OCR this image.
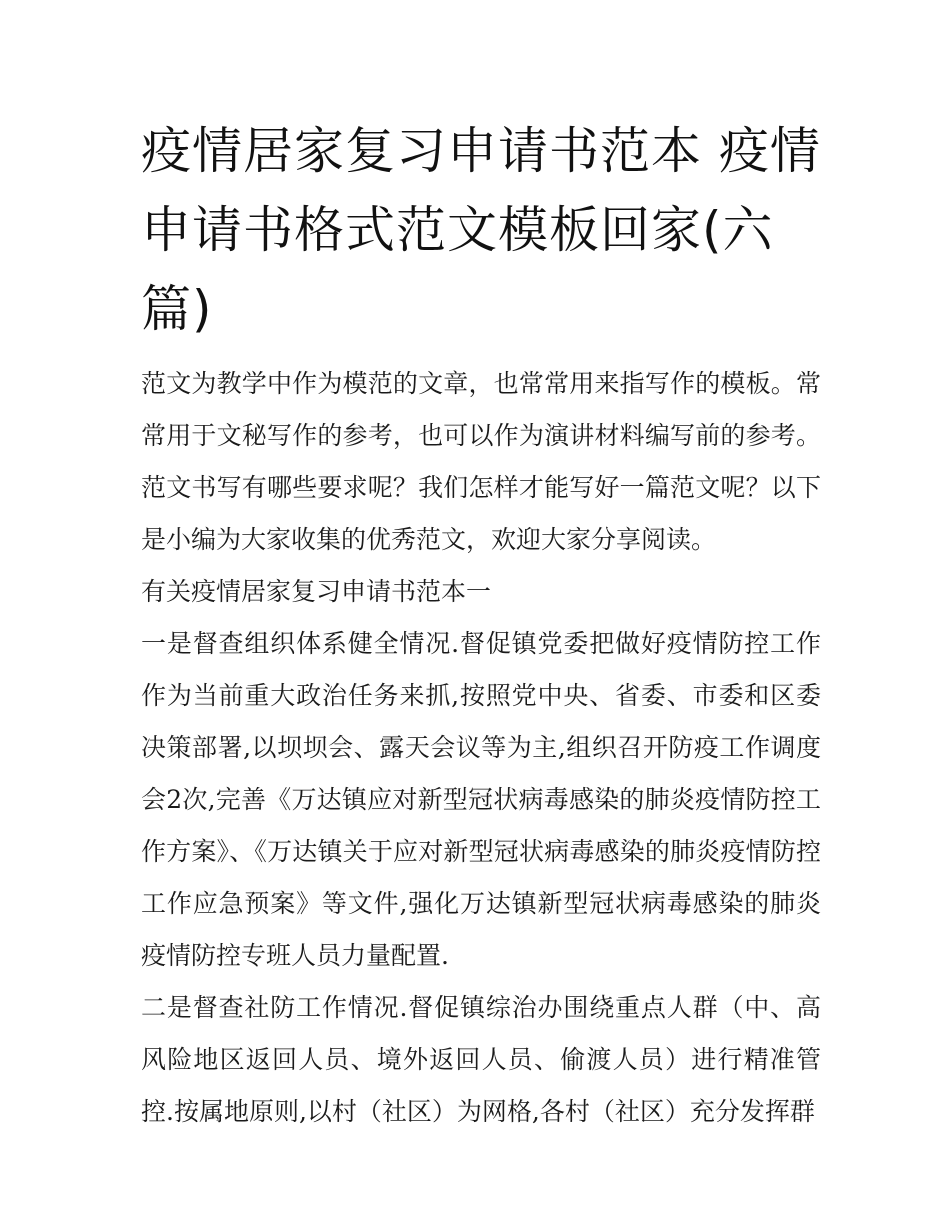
疫情居家复习申请书范本 疫情申请书格式范文模板回家(六篇)

范文为教学中作为模范的文章，也常常用来指写作的模板。常常用于文秘写作的参考，也可以作为演讲材料编写前的参考。范文书写有哪些要求呢？我们怎样才能写好一篇范文呢？以下是小编为大家收集的优秀范文，欢迎大家分享阅读。

有关疫情居家复习申请书范本一

一是督查组织体系健全情况.督促镇党委把做好疫情防控工作作为当前重大政治任务来抓,按照党中央、省委、市委和区委决策部署,以坝坝会、露天会议等为主,组织召开防疫工作调度会2次,完善《万达镇应对新型冠状病毒感染的肺炎疫情防控工作方案》、《万达镇关于应对新型冠状病毒感染的肺炎疫情防控工作应急预案》等文件,强化万达镇新型冠状病毒感染的肺炎疫情防控专班人员力量配置.

二是督查社防工作情况.督促镇综治办围绕重点人群（中、高风险地区返回人员、境外返回人员、偷渡人员）进行精准管控.按属地原则,以村（社区）为网格,各村（社区）充分发挥群
